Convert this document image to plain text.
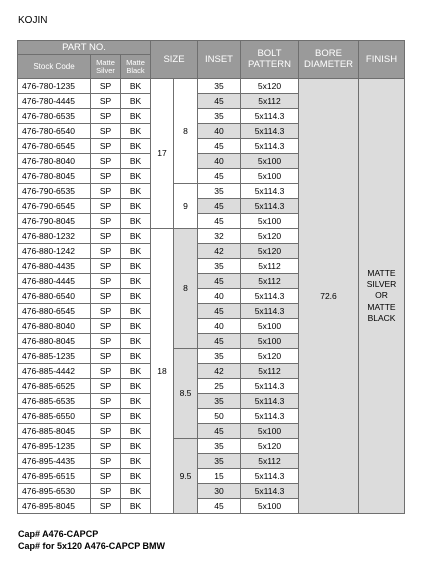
KOJIN
PART NO.			SIZE		INSET	BOLT PATTERN	BORE DIAMETER	FINISH
Stock Code	Matte Silver	Matte Black						
476-780-1235	SP	BK	17	8	35	5x120	72.6	MATTE SILVER OR MATTE BLACK
476-780-4445	SP	BK			45	5x112		
476-780-6535	SP	BK			35	5x114.3		
476-780-6540	SP	BK			40	5x114.3		
476-780-6545	SP	BK			45	5x114.3		
476-780-8040	SP	BK			40	5x100		
476-780-8045	SP	BK			45	5x100		
476-790-6535	SP	BK		9	35	5x114.3		
476-790-6545	SP	BK			45	5x114.3		
476-790-8045	SP	BK			45	5x100		
476-880-1232	SP	BK	18	8	32	5x120		
476-880-1242	SP	BK			42	5x120		
476-880-4435	SP	BK			35	5x112		
476-880-4445	SP	BK			45	5x112		
476-880-6540	SP	BK			40	5x114.3		
476-880-6545	SP	BK			45	5x114.3		
476-880-8040	SP	BK			40	5x100		
476-880-8045	SP	BK			45	5x100		
476-885-1235	SP	BK		8.5	35	5x120		
476-885-4442	SP	BK			42	5x112		
476-885-6525	SP	BK			25	5x114.3		
476-885-6535	SP	BK			35	5x114.3		
476-885-6550	SP	BK			50	5x114.3		
476-885-8045	SP	BK			45	5x100		
476-895-1235	SP	BK		9.5	35	5x120		
476-895-4435	SP	BK			35	5x112		
476-895-6515	SP	BK			15	5x114.3		
476-895-6530	SP	BK			30	5x114.3		
476-895-8045	SP	BK			45	5x100		
Cap# A476-CAPCP
Cap# for 5x120 A476-CAPCP BMW
